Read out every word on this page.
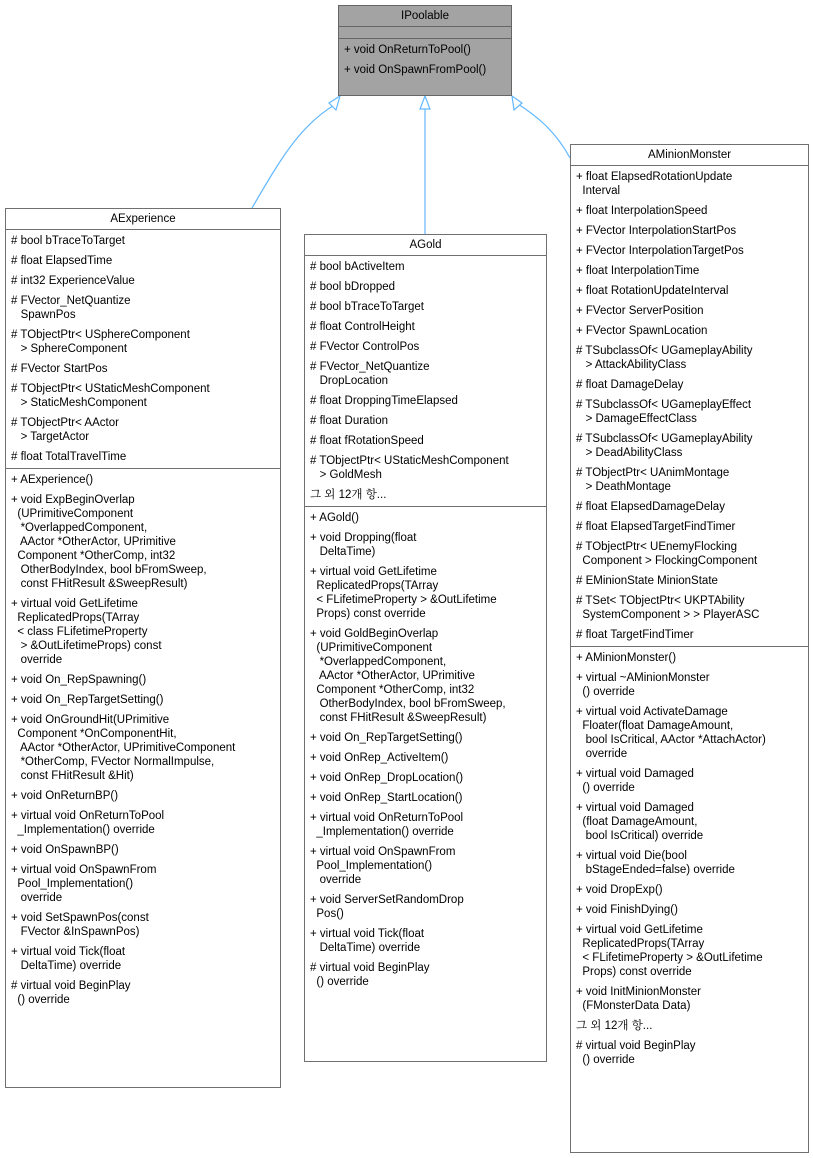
IPoolable
+ void OnReturnToPool()
+ void OnSpawnFromPool()
AExperience
# bool bTraceToTarget
# float ElapsedTime
# int32 ExperienceValue
# FVector_NetQuantize
SpawnPos
# TObjectPtr< USphereComponent
> SphereComponent
# FVector StartPos
# TObjectPtr< UStaticMeshComponent
> StaticMeshComponent
# TObjectPtr< AActor
> TargetActor
# float TotalTravelTime
+ AExperience()
+ void ExpBeginOverlap
(UPrimitiveComponent
*OverlappedComponent,
AActor *OtherActor, UPrimitive
Component *OtherComp, int32
OtherBodyIndex, bool bFromSweep,
const FHitResult &SweepResult)
+ virtual void GetLifetime
ReplicatedProps(TArray
< class FLifetimeProperty
> &OutLifetimeProps) const
override
+ void On_RepSpawning()
+ void On_RepTargetSetting()
+ void OnGroundHit(UPrimitive
Component *OnComponentHit,
AActor *OtherActor, UPrimitiveComponent
*OtherComp, FVector NormalImpulse,
const FHitResult &Hit)
+ void OnReturnBP()
+ virtual void OnReturnToPool
_Implementation() override
+ void OnSpawnBP()
+ virtual void OnSpawnFrom
Pool_Implementation()
override
+ void SetSpawnPos(const
FVector &InSpawnPos)
+ virtual void Tick(float
DeltaTime) override
# virtual void BeginPlay
() override
AGold
# bool bActiveItem
# bool bDropped
# bool bTraceToTarget
# float ControlHeight
# FVector ControlPos
# FVector_NetQuantize
DropLocation
# float DroppingTimeElapsed
# float Duration
# float fRotationSpeed
# TObjectPtr< UStaticMeshComponent
> GoldMesh
그 외 12개 항...
+ AGold()
+ void Dropping(float
DeltaTime)
+ virtual void GetLifetime
ReplicatedProps(TArray
< FLifetimeProperty > &OutLifetime
Props) const override
+ void GoldBeginOverlap
(UPrimitiveComponent
*OverlappedComponent,
AActor *OtherActor, UPrimitive
Component *OtherComp, int32
OtherBodyIndex, bool bFromSweep,
const FHitResult &SweepResult)
+ void On_RepTargetSetting()
+ void OnRep_ActiveItem()
+ void OnRep_DropLocation()
+ void OnRep_StartLocation()
+ virtual void OnReturnToPool
_Implementation() override
+ virtual void OnSpawnFrom
Pool_Implementation()
override
+ void ServerSetRandomDrop
Pos()
+ virtual void Tick(float
DeltaTime) override
# virtual void BeginPlay
() override
AMinionMonster
+ float ElapsedRotationUpdate
Interval
+ float InterpolationSpeed
+ FVector InterpolationStartPos
+ FVector InterpolationTargetPos
+ float InterpolationTime
+ float RotationUpdateInterval
+ FVector ServerPosition
+ FVector SpawnLocation
# TSubclassOf< UGameplayAbility
> AttackAbilityClass
# float DamageDelay
# TSubclassOf< UGameplayEffect
> DamageEffectClass
# TSubclassOf< UGameplayAbility
> DeadAbilityClass
# TObjectPtr< UAnimMontage
> DeathMontage
# float ElapsedDamageDelay
# float ElapsedTargetFindTimer
# TObjectPtr< UEnemyFlocking
Component > FlockingComponent
# EMinionState MinionState
# TSet< TObjectPtr< UKPTAbility
SystemComponent > > PlayerASC
# float TargetFindTimer
+ AMinionMonster()
+ virtual ~AMinionMonster
() override
+ virtual void ActivateDamage
Floater(float DamageAmount,
bool IsCritical, AActor *AttachActor)
override
+ virtual void Damaged
() override
+ virtual void Damaged
(float DamageAmount,
bool IsCritical) override
+ virtual void Die(bool
bStageEnded=false) override
+ void DropExp()
+ void FinishDying()
+ virtual void GetLifetime
ReplicatedProps(TArray
< FLifetimeProperty > &OutLifetime
Props) const override
+ void InitMinionMonster
(FMonsterData Data)
그 외 12개 항...
# virtual void BeginPlay
() override
